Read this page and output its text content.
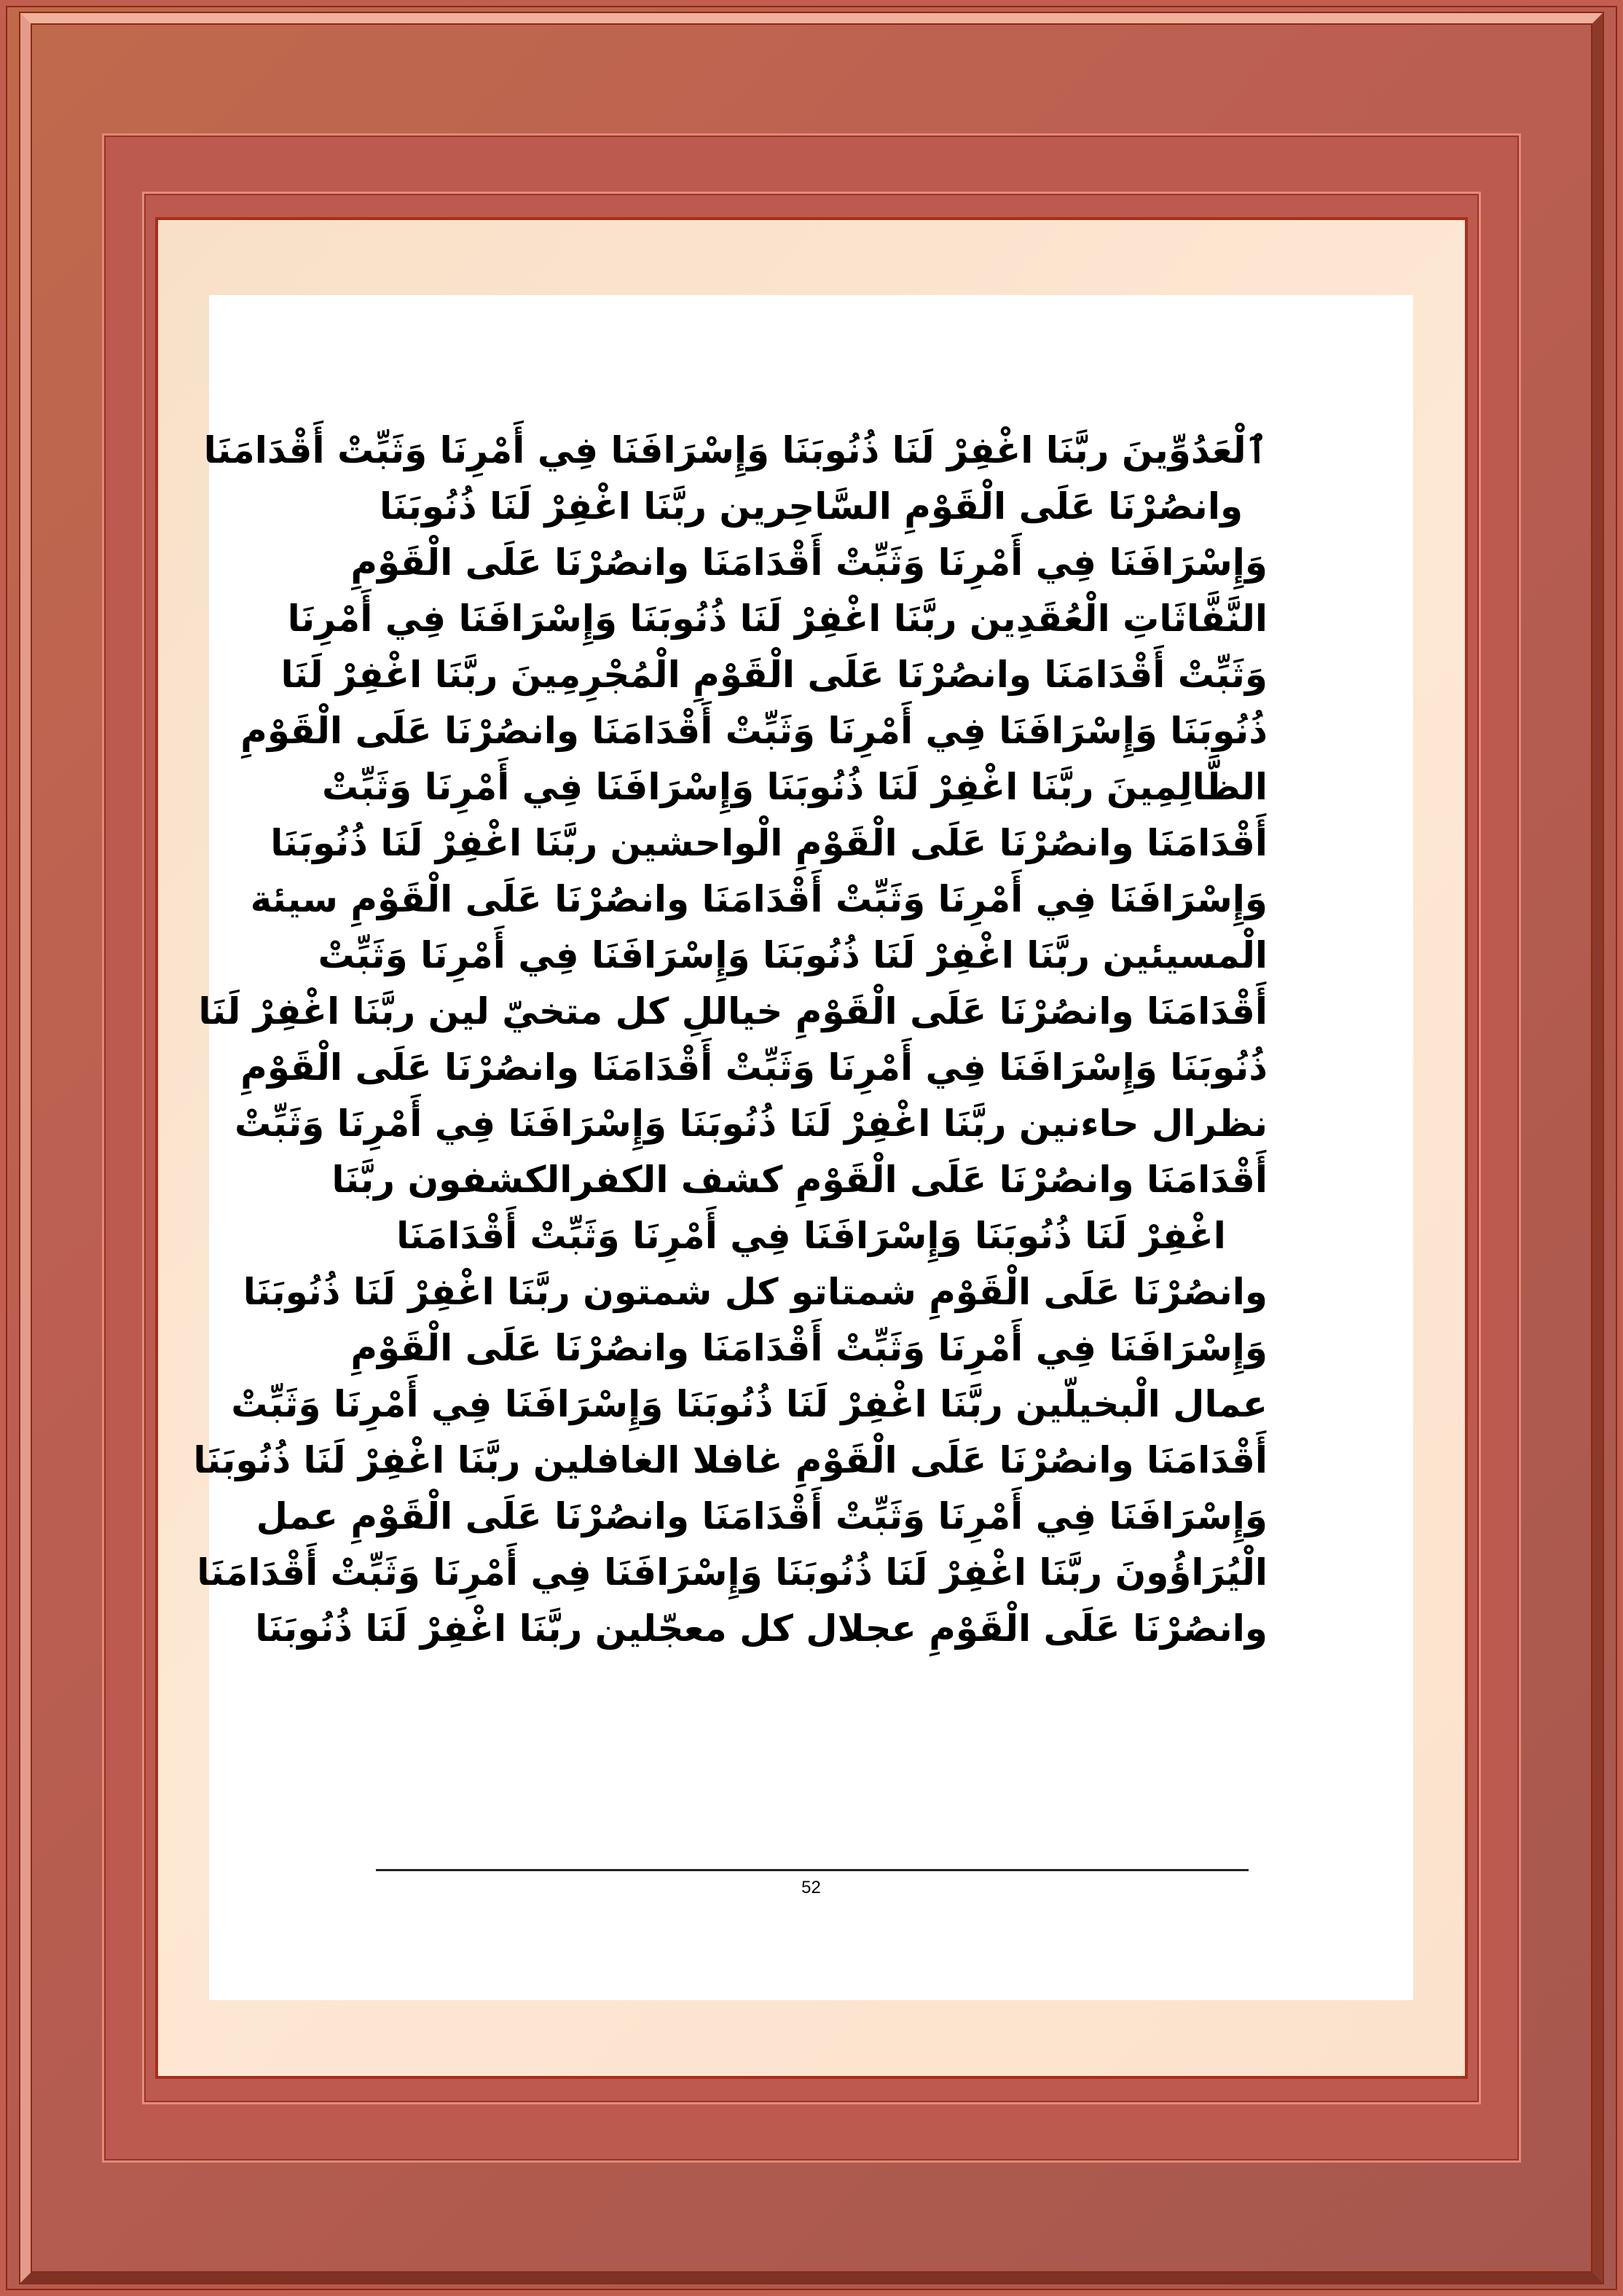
ٱلْعَدُوِّينَ ربَّنَا اغْفِرْ لَنَا ذُنُوبَنَا وَإِسْرَافَنَا فِي أَمْرِنَا وَثَبِّتْ أَقْدَامَنَا
وانصُرْنَا عَلَى الْقَوْمِ السَّاحِرين ربَّنَا اغْفِرْ لَنَا ذُنُوبَنَا
وَإِسْرَافَنَا فِي أَمْرِنَا وَثَبِّتْ أَقْدَامَنَا وانصُرْنَا عَلَى الْقَوْمِ
النَّفَّاثَاتِ الْعُقَدِين ربَّنَا اغْفِرْ لَنَا ذُنُوبَنَا وَإِسْرَافَنَا فِي أَمْرِنَا
وَثَبِّتْ أَقْدَامَنَا وانصُرْنَا عَلَى الْقَوْمِ الْمُجْرِمِينَ ربَّنَا اغْفِرْ لَنَا
ذُنُوبَنَا وَإِسْرَافَنَا فِي أَمْرِنَا وَثَبِّتْ أَقْدَامَنَا وانصُرْنَا عَلَى الْقَوْمِ
الظَّالِمِينَ ربَّنَا اغْفِرْ لَنَا ذُنُوبَنَا وَإِسْرَافَنَا فِي أَمْرِنَا وَثَبِّتْ
أَقْدَامَنَا وانصُرْنَا عَلَى الْقَوْمِ الْواحشين ربَّنَا اغْفِرْ لَنَا ذُنُوبَنَا
وَإِسْرَافَنَا فِي أَمْرِنَا وَثَبِّتْ أَقْدَامَنَا وانصُرْنَا عَلَى الْقَوْمِ سيئة
الْمسيئين ربَّنَا اغْفِرْ لَنَا ذُنُوبَنَا وَإِسْرَافَنَا فِي أَمْرِنَا وَثَبِّتْ
أَقْدَامَنَا وانصُرْنَا عَلَى الْقَوْمِ خياللِ كل متخيّ لين ربَّنَا اغْفِرْ لَنَا
ذُنُوبَنَا وَإِسْرَافَنَا فِي أَمْرِنَا وَثَبِّتْ أَقْدَامَنَا وانصُرْنَا عَلَى الْقَوْمِ
نظرال حاءنين ربَّنَا اغْفِرْ لَنَا ذُنُوبَنَا وَإِسْرَافَنَا فِي أَمْرِنَا وَثَبِّتْ
أَقْدَامَنَا وانصُرْنَا عَلَى الْقَوْمِ كشف الكفرالكشفون ربَّنَا
اغْفِرْ لَنَا ذُنُوبَنَا وَإِسْرَافَنَا فِي أَمْرِنَا وَثَبِّتْ أَقْدَامَنَا
وانصُرْنَا عَلَى الْقَوْمِ شمتاتو كل شمتون ربَّنَا اغْفِرْ لَنَا ذُنُوبَنَا
وَإِسْرَافَنَا فِي أَمْرِنَا وَثَبِّتْ أَقْدَامَنَا وانصُرْنَا عَلَى الْقَوْمِ
عمال الْبخيلّين ربَّنَا اغْفِرْ لَنَا ذُنُوبَنَا وَإِسْرَافَنَا فِي أَمْرِنَا وَثَبِّتْ
أَقْدَامَنَا وانصُرْنَا عَلَى الْقَوْمِ غافلا الغافلين ربَّنَا اغْفِرْ لَنَا ذُنُوبَنَا
وَإِسْرَافَنَا فِي أَمْرِنَا وَثَبِّتْ أَقْدَامَنَا وانصُرْنَا عَلَى الْقَوْمِ عمل
الْيُرَاؤُونَ ربَّنَا اغْفِرْ لَنَا ذُنُوبَنَا وَإِسْرَافَنَا فِي أَمْرِنَا وَثَبِّتْ أَقْدَامَنَا
وانصُرْنَا عَلَى الْقَوْمِ عجلال كل معجّلين ربَّنَا اغْفِرْ لَنَا ذُنُوبَنَا
52
